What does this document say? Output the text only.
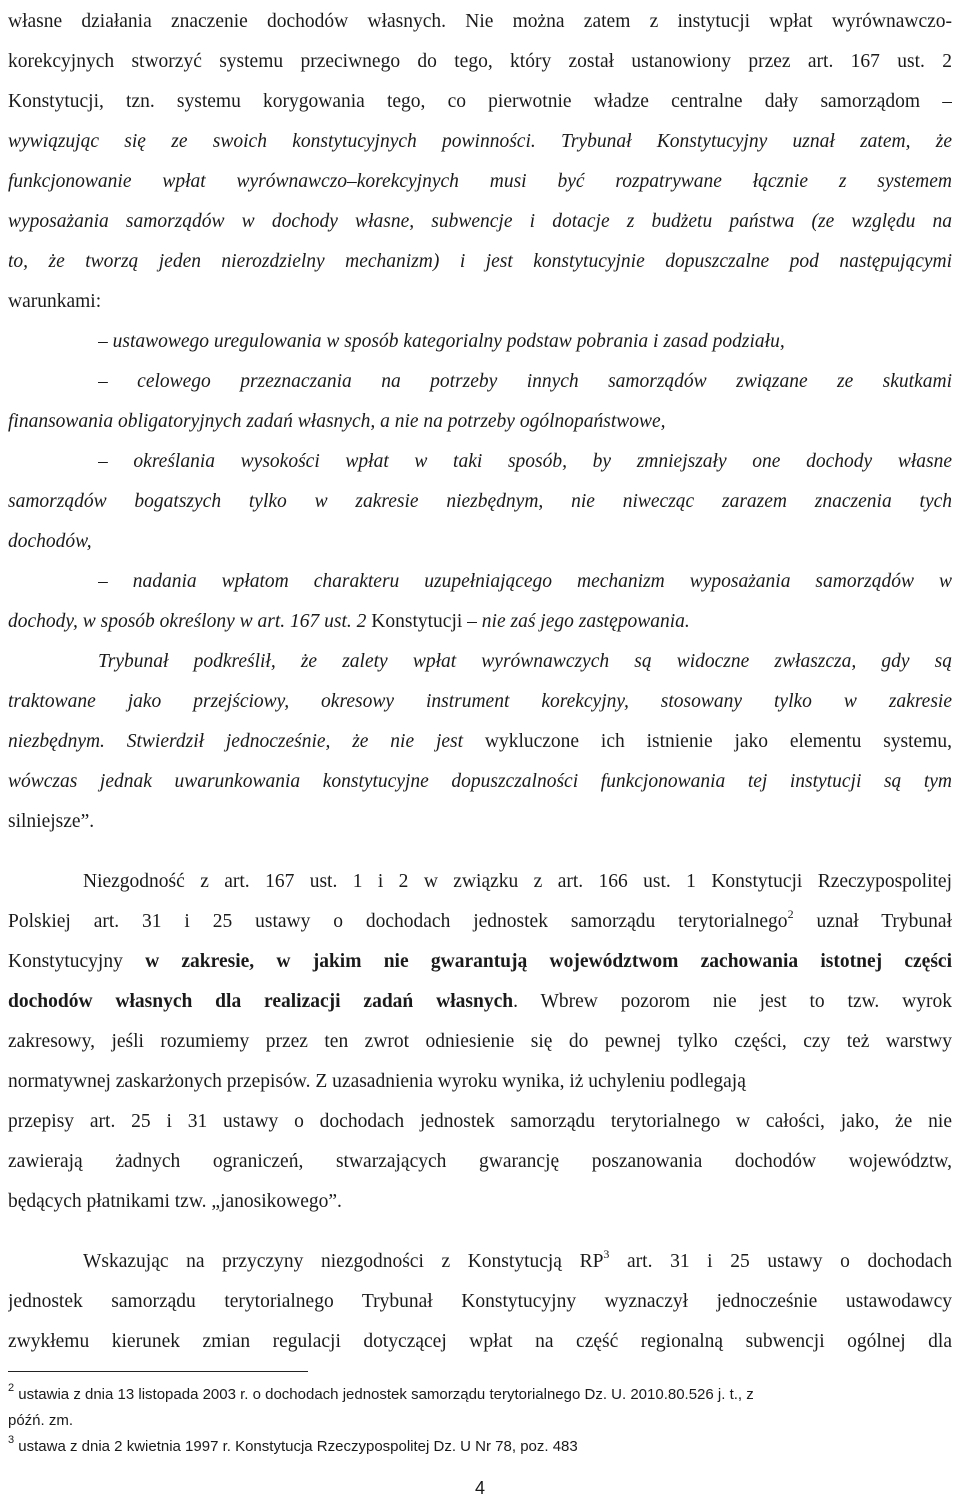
własne działania znaczenie dochodów własnych. Nie można zatem z instytucji wpłat wyrównawczo-
korekcyjnych stworzyć systemu przeciwnego do tego, który został ustanowiony przez art. 167 ust. 2
Konstytucji, tzn. systemu korygowania tego, co pierwotnie władze centralne dały samorządom –
wywiązując się ze swoich konstytucyjnych powinności. Trybunał Konstytucyjny uznał zatem, że
funkcjonowanie wpłat wyrównawczo–korekcyjnych musi być rozpatrywane łącznie z systemem
wyposażania samorządów w dochody własne, subwencje i dotacje z budżetu państwa (ze względu na
to, że tworzą jeden nierozdzielny mechanizm) i jest konstytucyjnie dopuszczalne pod następującymi
warunkami:
– ustawowego uregulowania w sposób kategorialny podstaw pobrania i zasad podziału,
– celowego przeznaczania na potrzeby innych samorządów związane ze skutkami
finansowania obligatoryjnych zadań własnych, a nie na potrzeby ogólnopaństwowe,
– określania wysokości wpłat w taki sposób, by zmniejszały one dochody własne
samorządów bogatszych tylko w zakresie niezbędnym, nie niwecząc zarazem znaczenia tych
dochodów,
– nadania wpłatom charakteru uzupełniającego mechanizm wyposażania samorządów w
dochody, w sposób określony w art. 167 ust. 2 Konstytucji – nie zaś jego zastępowania.
Trybunał podkreślił, że zalety wpłat wyrównawczych są widoczne zwłaszcza, gdy są
traktowane jako przejściowy, okresowy instrument korekcyjny, stosowany tylko w zakresie
niezbędnym. Stwierdził jednocześnie, że nie jest wykluczone ich istnienie jako elementu systemu,
wówczas jednak uwarunkowania konstytucyjne dopuszczalności funkcjonowania tej instytucji są tym
silniejsze”.
Niezgodność z art. 167 ust. 1 i 2 w związku z art. 166 ust. 1 Konstytucji Rzeczypospolitej
Polskiej art. 31 i 25 ustawy o dochodach jednostek samorządu terytorialnego$^2$ uznał Trybunał
Konstytucyjny w zakresie, w jakim nie gwarantują województwom zachowania istotnej części
dochodów własnych dla realizacji zadań własnych. Wbrew pozorom nie jest to tzw. wyrok
zakresowy, jeśli rozumiemy przez ten zwrot odniesienie się do pewnej tylko części, czy też warstwy
normatywnej zaskarżonych przepisów. Z uzasadnienia wyroku wynika, iż uchyleniu podlegają
przepisy art. 25 i 31 ustawy o dochodach jednostek samorządu terytorialnego w całości, jako, że nie
zawierają żadnych ograniczeń, stwarzających gwarancję poszanowania dochodów województw,
będących płatnikami tzw. „janosikowego”.
Wskazując na przyczyny niezgodności z Konstytucją $RP^3$ art. 31 i 25 ustawy o dochodach
jednostek samorządu terytorialnego Trybunał Konstytucyjny wyznaczył jednocześnie ustawodawcy
zwykłemu kierunek zmian regulacji dotyczącej wpłat na część regionalną subwencji ogólnej dla
$^2$ ustawia z dnia 13 listopada 2003 r. o dochodach jednostek samorządu terytorialnego Dz. U. 2010.80.526 j. t., z
późń. zm.
$^3$ ustawa z dnia 2 kwietnia 1997 r. Konstytucja Rzeczypospolitej Dz. U Nr 78, poz. 483
4
